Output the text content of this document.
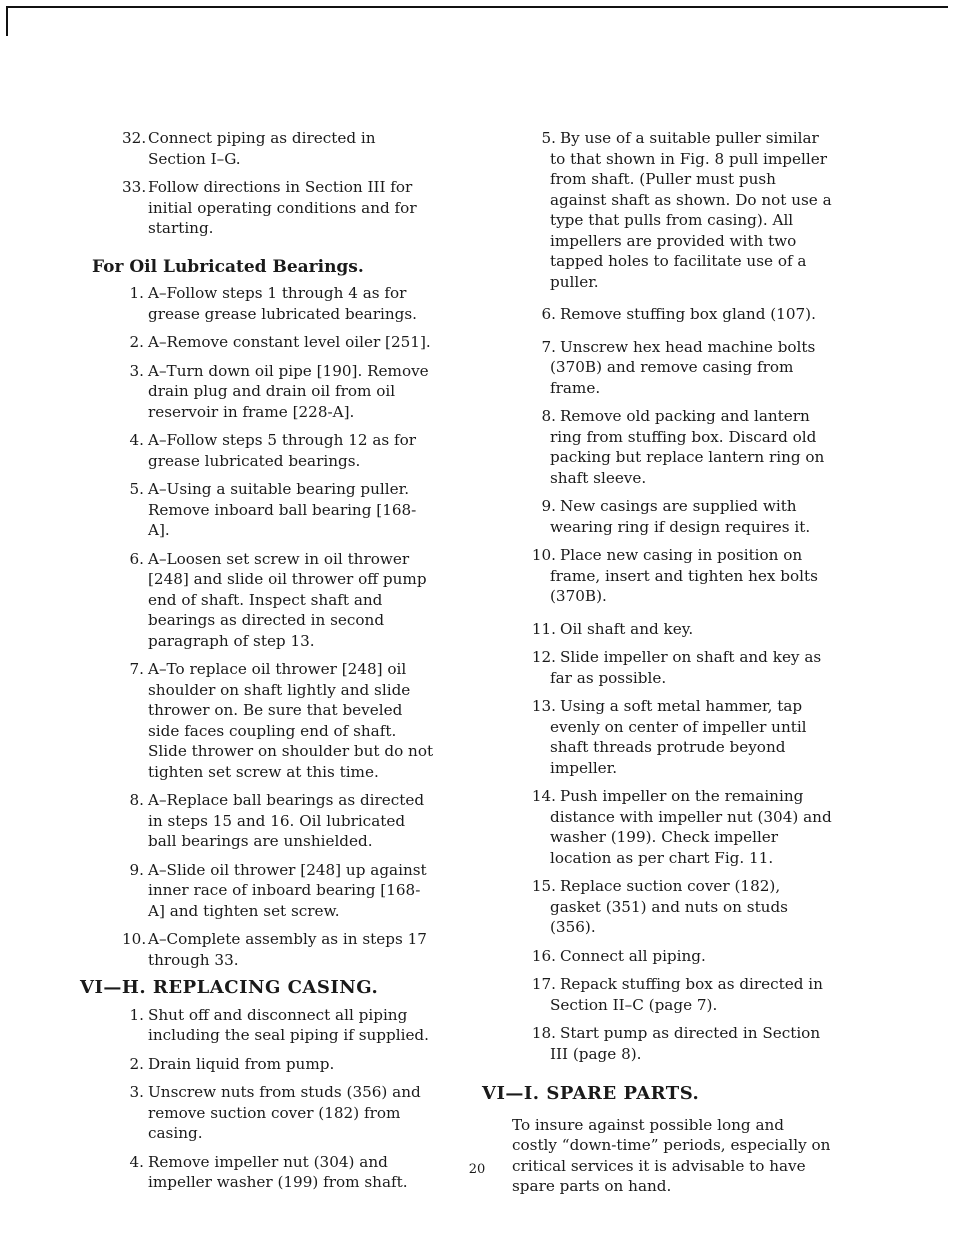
32. Connect piping as directed in Section I–G.
33. Follow directions in Section III for initial operating conditions and for starting.
For Oil Lubricated Bearings.
1. A–Follow steps 1 through 4 as for grease grease lubricated bearings.
2. A–Remove constant level oiler [251].
3. A–Turn down oil pipe [190]. Remove drain plug and drain oil from oil reservoir in frame [228-A].
4. A–Follow steps 5 through 12 as for grease lubricated bearings.
5. A–Using a suitable bearing puller. Remove inboard ball bearing [168-A].
6. A–Loosen set screw in oil thrower [248] and slide oil thrower off pump end of shaft. Inspect shaft and bearings as directed in second paragraph of step 13.
7. A–To replace oil thrower [248] oil shoulder on shaft lightly and slide thrower on. Be sure that beveled side faces coupling end of shaft. Slide thrower on shoulder but do not tighten set screw at this time.
8. A–Replace ball bearings as directed in steps 15 and 16. Oil lubricated ball bearings are unshielded.
9. A–Slide oil thrower [248] up against inner race of inboard bearing [168-A] and tighten set screw.
10. A–Complete assembly as in steps 17 through 33.
VI—H. REPLACING CASING.
1. Shut off and disconnect all piping including the seal piping if supplied.
2. Drain liquid from pump.
3. Unscrew nuts from studs (356) and remove suction cover (182) from casing.
4. Remove impeller nut (304) and impeller washer (199) from shaft.
5. By use of a suitable puller similar to that shown in Fig. 8 pull impeller from shaft. (Puller must push against shaft as shown. Do not use a type that pulls from casing). All impellers are provided with two tapped holes to facilitate use of a puller.
6. Remove stuffing box gland (107).
7. Unscrew hex head machine bolts (370B) and remove casing from frame.
8. Remove old packing and lantern ring from stuffing box. Discard old packing but replace lantern ring on shaft sleeve.
9. New casings are supplied with wearing ring if design requires it.
10. Place new casing in position on frame, insert and tighten hex bolts (370B).
11. Oil shaft and key.
12. Slide impeller on shaft and key as far as possible.
13. Using a soft metal hammer, tap evenly on center of impeller until shaft threads protrude beyond impeller.
14. Push impeller on the remaining distance with impeller nut (304) and washer (199). Check impeller location as per chart Fig. 11.
15. Replace suction cover (182), gasket (351) and nuts on studs (356).
16. Connect all piping.
17. Repack stuffing box as directed in Section II–C (page 7).
18. Start pump as directed in Section III (page 8).
VI—I. SPARE PARTS.
To insure against possible long and costly “down-time” periods, especially on critical services it is advisable to have spare parts on hand.
20
